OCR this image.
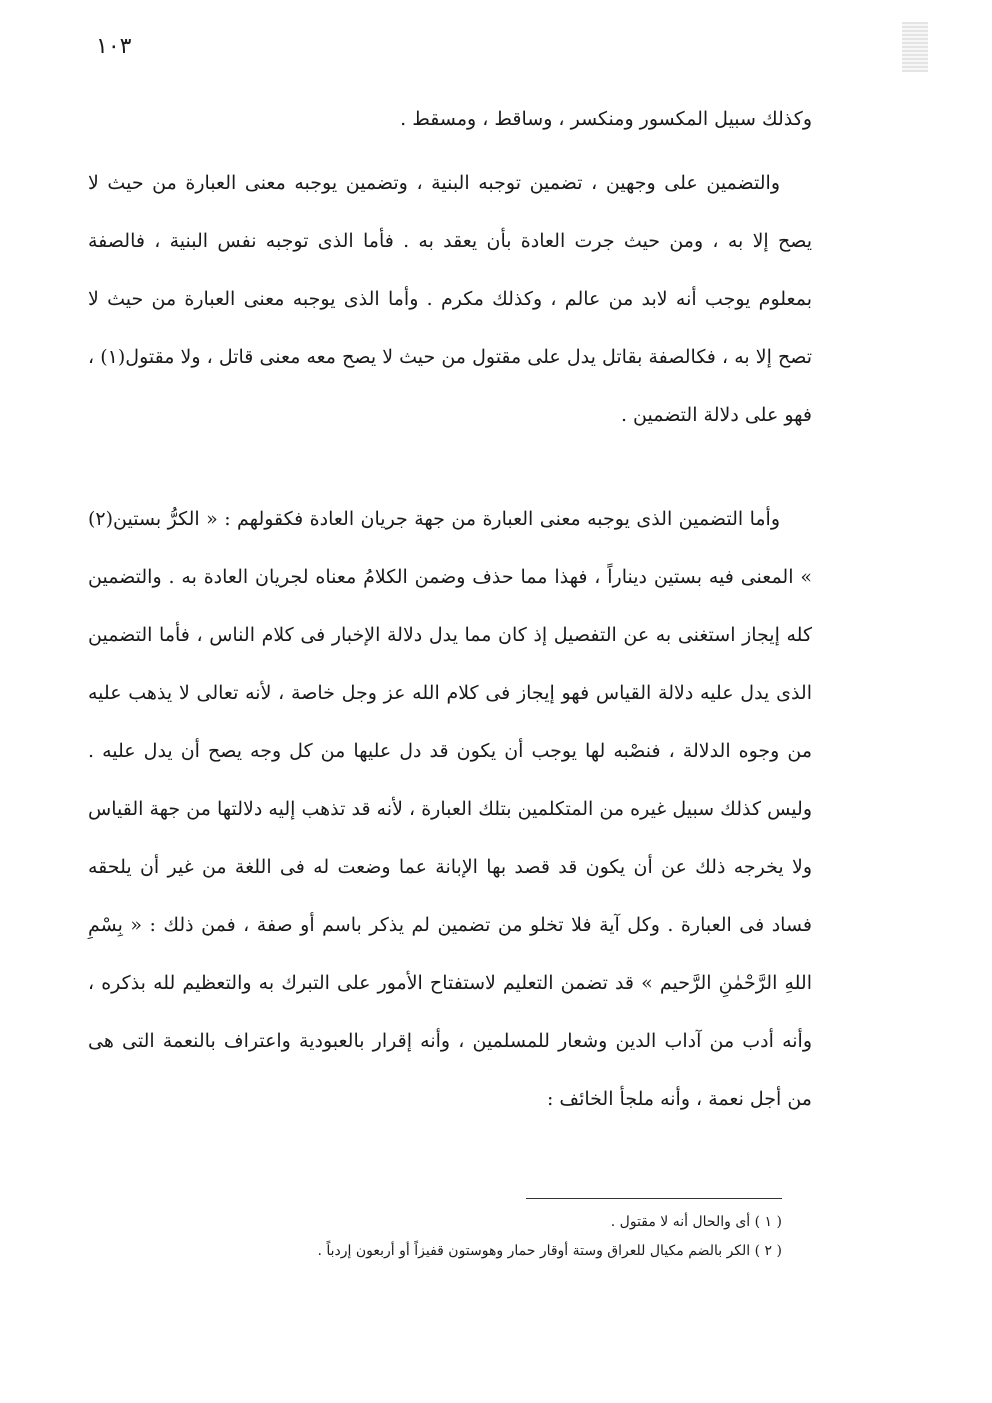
١٠٣

وكذلك سبيل المكسور ومنكسر ، وساقط ، ومسقط .

والتضمين على وجهين ، تضمين توجبه البنية ، وتضمين يوجبه معنى العبارة من حيث لا يصح إلا به ، ومن حيث جرت العادة بأن يعقد به . فأما الذى توجبه نفس البنية ، فالصفة بمعلوم يوجب أنه لابد من عالم ، وكذلك مكرم . وأما الذى يوجبه معنى العبارة من حيث لا تصح إلا به ، فكالصفة بقاتل يدل على مقتول من حيث لا يصح معه معنى قاتل ، ولا مقتول(١) ، فهو على دلالة التضمين .

وأما التضمين الذى يوجبه معنى العبارة من جهة جريان العادة فكقولهم : « الكرُّ بستين(٢) » المعنى فيه بستين ديناراً ، فهذا مما حذف وضمن الكلامُ معناه لجريان العادة به . والتضمين كله إيجاز استغنى به عن التفصيل إذ كان مما يدل دلالة الإخبار فى كلام الناس ، فأما التضمين الذى يدل عليه دلالة القياس فهو إيجاز فى كلام الله عز وجل خاصة ، لأنه تعالى لا يذهب عليه من وجوه الدلالة ، فنصْبه لها يوجب أن يكون قد دل عليها من كل وجه يصح أن يدل عليه . وليس كذلك سبيل غيره من المتكلمين بتلك العبارة ، لأنه قد تذهب إليه دلالتها من جهة القياس ولا يخرجه ذلك عن أن يكون قد قصد بها الإبانة عما وضعت له فى اللغة من غير أن يلحقه فساد فى العبارة . وكل آية فلا تخلو من تضمين لم يذكر باسم أو صفة ، فمن ذلك : « بِسْمِ اللهِ الرَّحْمٰنِ الرَّحيم » قد تضمن التعليم لاستفتاح الأمور على التبرك به والتعظيم لله بذكره ، وأنه أدب من آداب الدين وشعار للمسلمين ، وأنه إقرار بالعبودية واعتراف بالنعمة التى هى من أجل نعمة ، وأنه ملجأ الخائف :

( ١ ) أى والحال أنه لا مقتول .

( ٢ ) الكر بالضم مكيال للعراق وستة أوقار حمار وهوستون قفيزاً أو أربعون إردباً .
